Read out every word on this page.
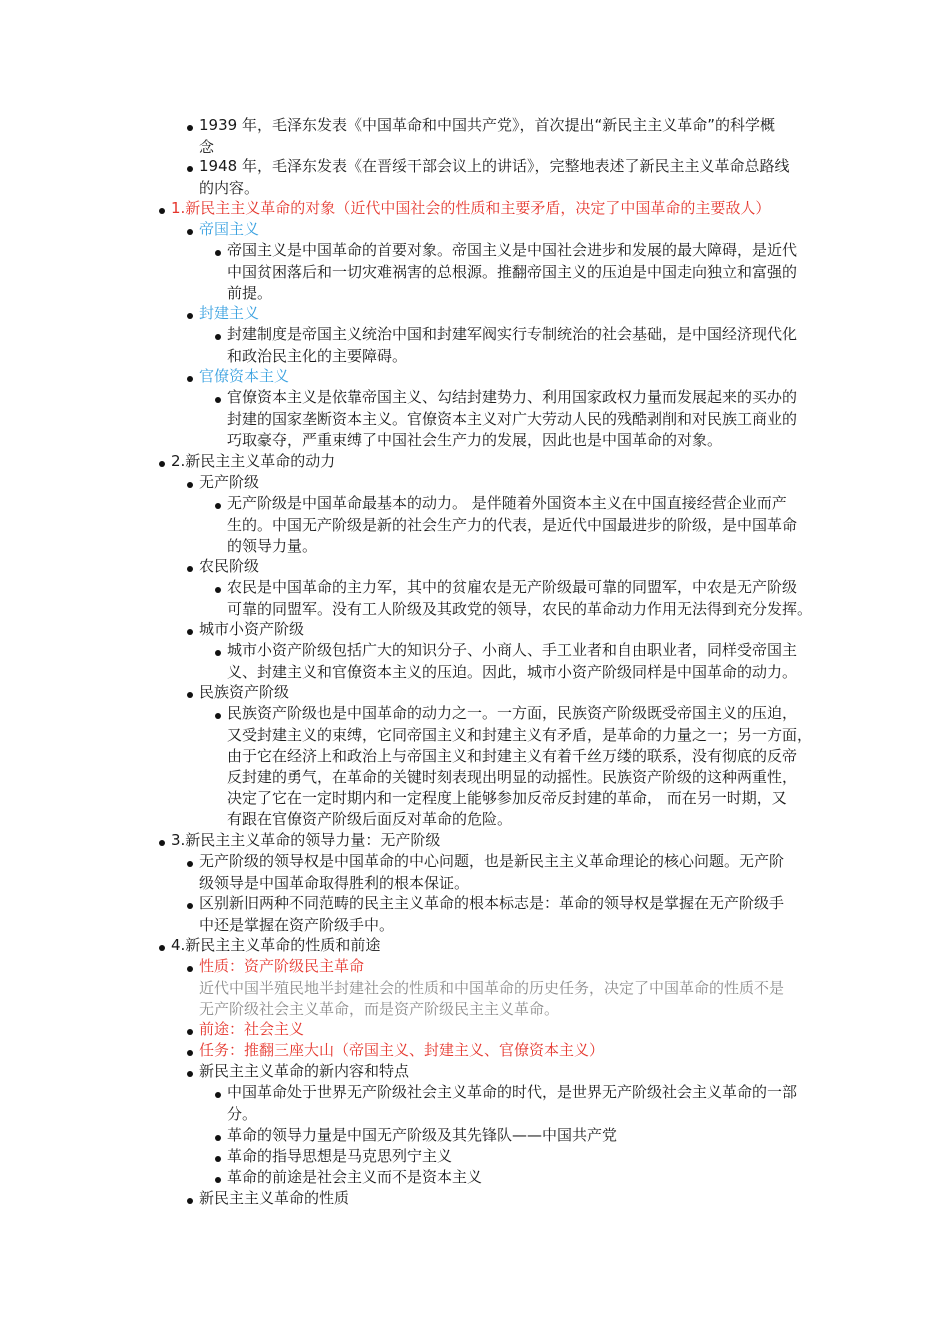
1939 年，毛泽东发表《中国革命和中国共产党》，首次提出“新民主主义革命”的科学概
念
1948 年，毛泽东发表《在晋绥干部会议上的讲话》，完整地表述了新民主主义革命总路线
的内容。
1.新民主主义革命的对象（近代中国社会的性质和主要矛盾，决定了中国革命的主要敌人）
帝国主义
帝国主义是中国革命的首要对象。帝国主义是中国社会进步和发展的最大障碍，是近代
中国贫困落后和一切灾难祸害的总根源。推翻帝国主义的压迫是中国走向独立和富强的
前提。
封建主义
封建制度是帝国主义统治中国和封建军阀实行专制统治的社会基础，是中国经济现代化
和政治民主化的主要障碍。
官僚资本主义
官僚资本主义是依靠帝国主义、勾结封建势力、利用国家政权力量而发展起来的买办的
封建的国家垄断资本主义。官僚资本主义对广大劳动人民的残酷剥削和对民族工商业的
巧取豪夺，严重束缚了中国社会生产力的发展，因此也是中国革命的对象。
2.新民主主义革命的动力
无产阶级
无产阶级是中国革命最基本的动力。 是伴随着外国资本主义在中国直接经营企业而产
生的。中国无产阶级是新的社会生产力的代表，是近代中国最进步的阶级，是中国革命
的领导力量。
农民阶级
农民是中国革命的主力军，其中的贫雇农是无产阶级最可靠的同盟军，中农是无产阶级
可靠的同盟军。没有工人阶级及其政党的领导，农民的革命动力作用无法得到充分发挥。
城市小资产阶级
城市小资产阶级包括广大的知识分子、小商人、手工业者和自由职业者，同样受帝国主
义、封建主义和官僚资本主义的压迫。因此，城市小资产阶级同样是中国革命的动力。
民族资产阶级
民族资产阶级也是中国革命的动力之一。一方面，民族资产阶级既受帝国主义的压迫，
又受封建主义的束缚，它同帝国主义和封建主义有矛盾，是革命的力量之一；另一方面，
由于它在经济上和政治上与帝国主义和封建主义有着千丝万缕的联系，没有彻底的反帝
反封建的勇气，在革命的关键时刻表现出明显的动摇性。民族资产阶级的这种两重性，
决定了它在一定时期内和一定程度上能够参加反帝反封建的革命， 而在另一时期，又
有跟在官僚资产阶级后面反对革命的危险。
3.新民主主义革命的领导力量：无产阶级
无产阶级的领导权是中国革命的中心问题，也是新民主主义革命理论的核心问题。无产阶
级领导是中国革命取得胜利的根本保证。
区别新旧两种不同范畴的民主主义革命的根本标志是：革命的领导权是掌握在无产阶级手
中还是掌握在资产阶级手中。
4.新民主主义革命的性质和前途
性质：资产阶级民主革命
近代中国半殖民地半封建社会的性质和中国革命的历史任务，决定了中国革命的性质不是
无产阶级社会主义革命，而是资产阶级民主主义革命。
前途：社会主义
任务：推翻三座大山（帝国主义、封建主义、官僚资本主义）
新民主主义革命的新内容和特点
中国革命处于世界无产阶级社会主义革命的时代，是世界无产阶级社会主义革命的一部
分。
革命的领导力量是中国无产阶级及其先锋队——中国共产党
革命的指导思想是马克思列宁主义
革命的前途是社会主义而不是资本主义
新民主主义革命的性质
